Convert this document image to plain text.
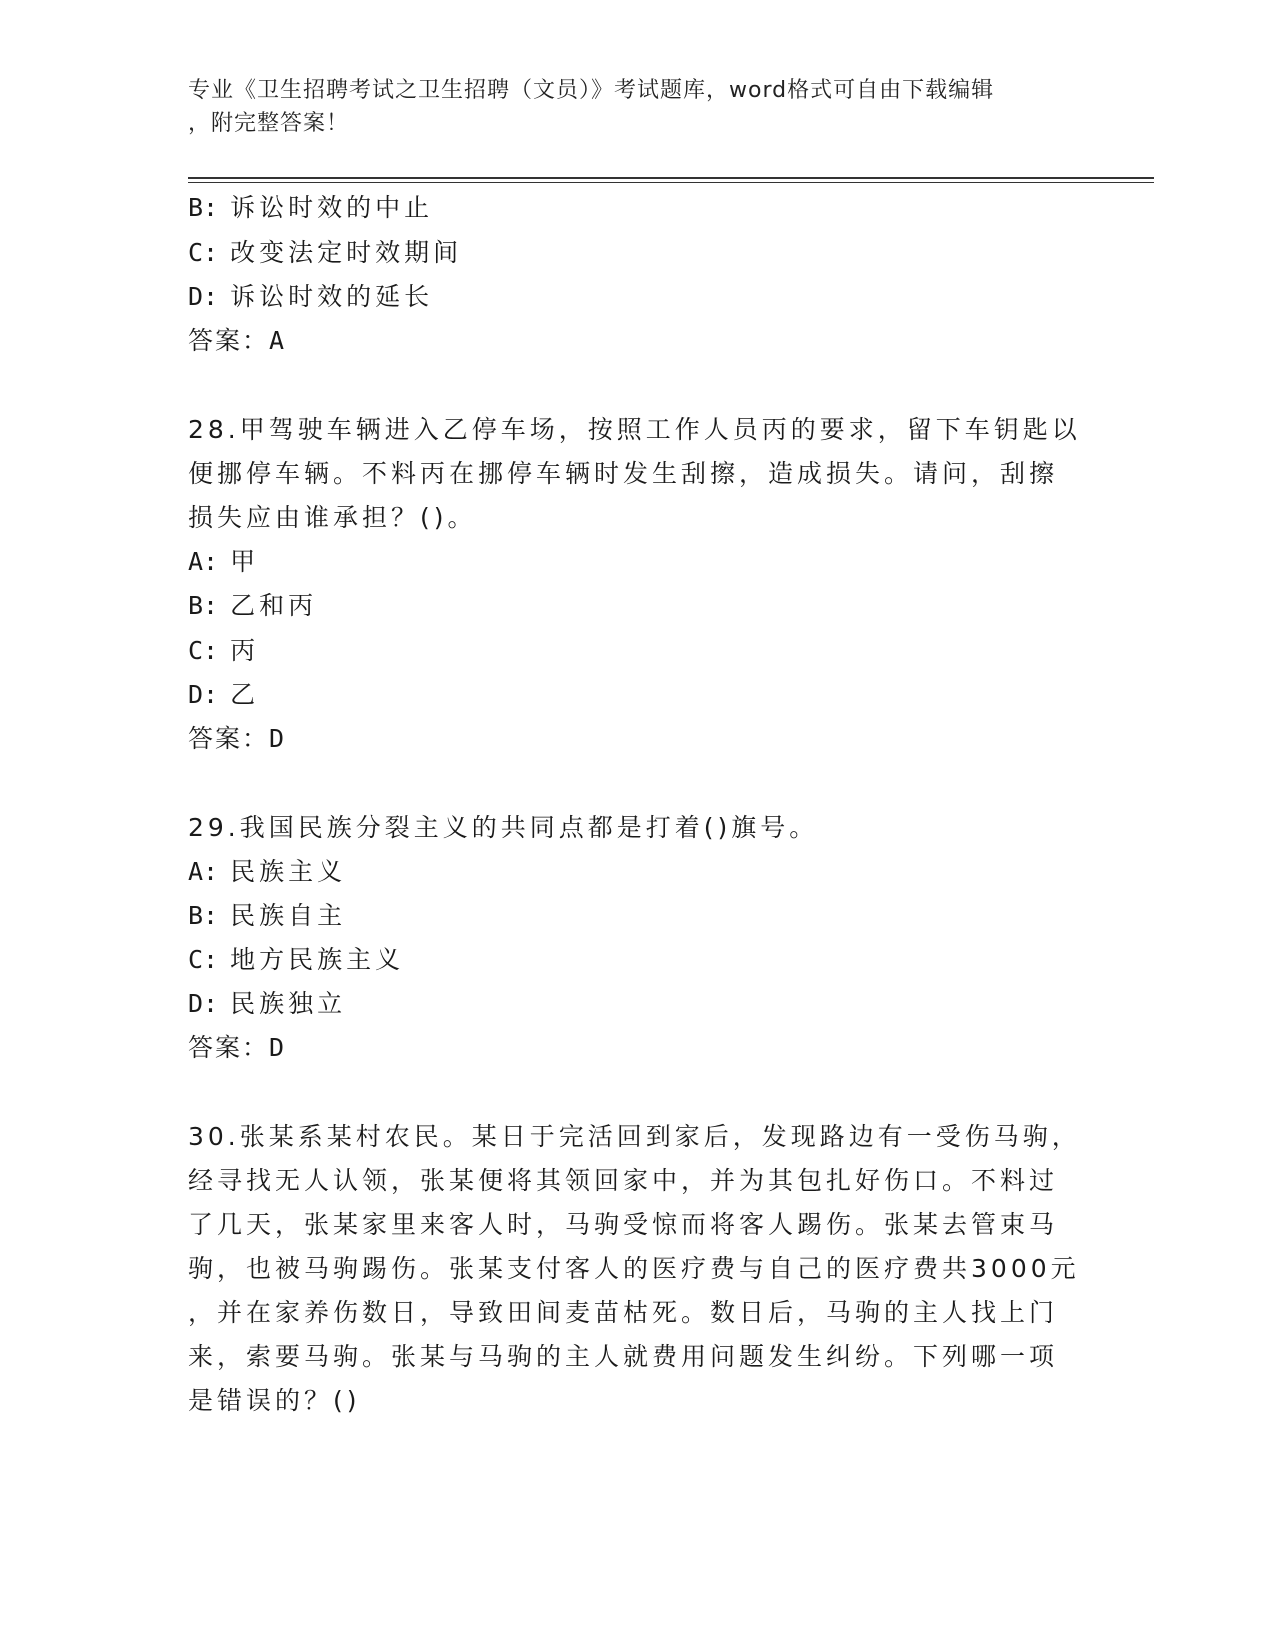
专业《卫生招聘考试之卫生招聘（文员）》考试题库，word格式可自由下载编辑
，附完整答案！
B: 诉讼时效的中止
C: 改变法定时效期间
D: 诉讼时效的延长
答案：A
28.甲驾驶车辆进入乙停车场，按照工作人员丙的要求，留下车钥匙以
便挪停车辆。不料丙在挪停车辆时发生刮擦，造成损失。请问，刮擦
损失应由谁承担？()。
A: 甲
B: 乙和丙
C: 丙
D: 乙
答案：D
29.我国民族分裂主义的共同点都是打着()旗号。
A: 民族主义
B: 民族自主
C: 地方民族主义
D: 民族独立
答案：D
30.张某系某村农民。某日于完活回到家后，发现路边有一受伤马驹，
经寻找无人认领，张某便将其领回家中，并为其包扎好伤口。不料过
了几天，张某家里来客人时，马驹受惊而将客人踢伤。张某去管束马
驹，也被马驹踢伤。张某支付客人的医疗费与自己的医疗费共3000元
，并在家养伤数日，导致田间麦苗枯死。数日后，马驹的主人找上门
来，索要马驹。张某与马驹的主人就费用问题发生纠纷。下列哪一项
是错误的？()
